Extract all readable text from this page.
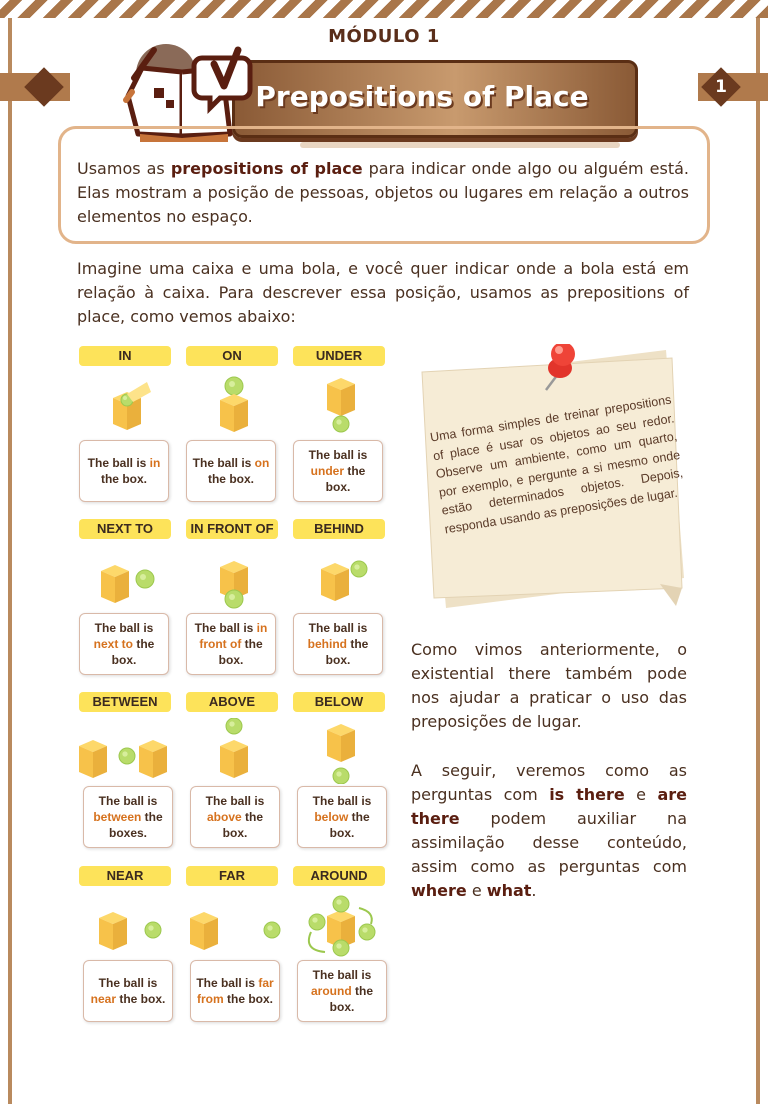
MÓDULO 1
1
Prepositions of Place
Usamos as prepositions of place para indicar onde algo ou alguém está. Elas mostram a posição de pessoas, objetos ou lugares em relação a outros elementos no espaço.
Imagine uma caixa e uma bola, e você quer indicar onde a bola está em relação à caixa. Para descrever essa posição, usamos as prepositions of place, como vemos abaixo:
IN
The ball is in the box.
ON
The ball is on the box.
UNDER
The ball is under the box.
NEXT TO
The ball is next to the box.
IN FRONT OF
The ball is in front of the box.
BEHIND
The ball is behind the box.
BETWEEN
The ball is between the boxes.
ABOVE
The ball is above the box.
BELOW
The ball is below the box.
NEAR
The ball is near the box.
FAR
The ball is far from the box.
AROUND
The ball is around the box.
Uma forma simples de treinar prepositions of place é usar os objetos ao seu redor. Observe um ambiente, como um quarto, por exemplo, e pergunte a si mesmo onde estão determinados objetos. Depois, responda usando as preposições de lugar.
Como vimos anteriormente, o existential there também pode nos ajudar a praticar o uso das preposições de lugar.
A seguir, veremos como as perguntas com is there e are there podem auxiliar na assimilação desse conteúdo, assim como as perguntas com where e what.
